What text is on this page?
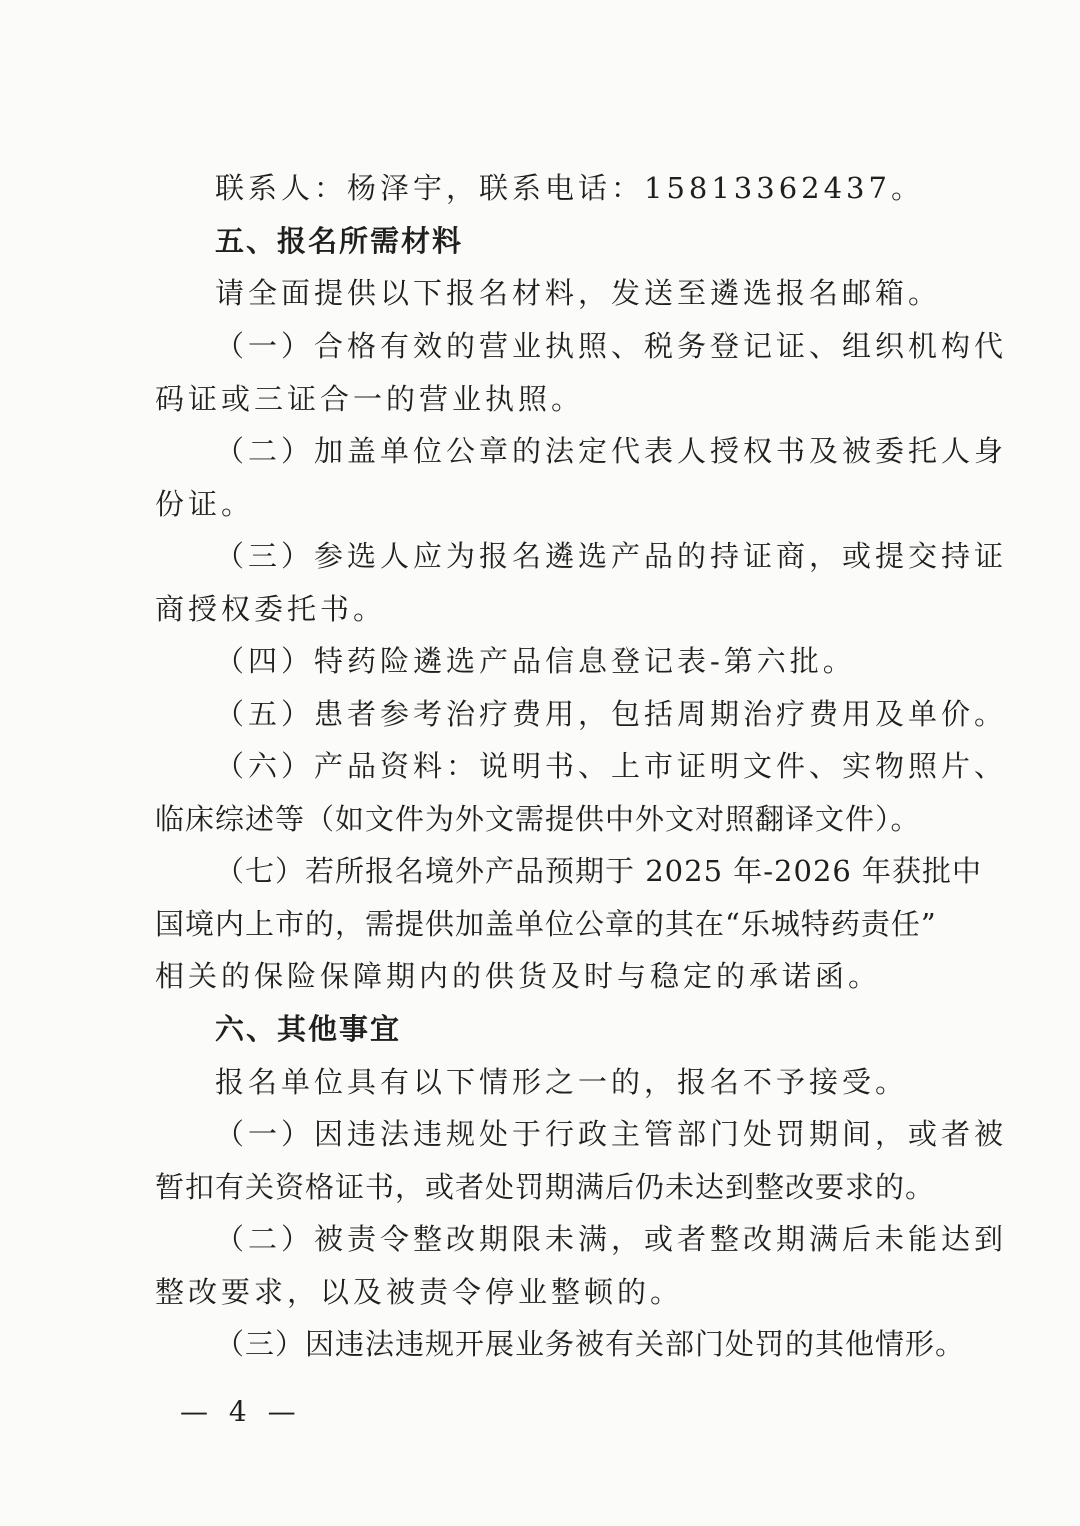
联系人：杨泽宇，联系电话：15813362437。
五、报名所需材料
请全面提供以下报名材料，发送至遴选报名邮箱。
（一）合格有效的营业执照、税务登记证、组织机构代
码证或三证合一的营业执照。
（二）加盖单位公章的法定代表人授权书及被委托人身
份证。
（三）参选人应为报名遴选产品的持证商，或提交持证
商授权委托书。
（四）特药险遴选产品信息登记表-第六批。
（五）患者参考治疗费用，包括周期治疗费用及单价。
（六）产品资料：说明书、上市证明文件、实物照片、
临床综述等（如文件为外文需提供中外文对照翻译文件）。
（七）若所报名境外产品预期于 2025 年-2026 年获批中
国境内上市的，需提供加盖单位公章的其在“乐城特药责任”
相关的保险保障期内的供货及时与稳定的承诺函。
六、其他事宜
报名单位具有以下情形之一的，报名不予接受。
（一）因违法违规处于行政主管部门处罚期间，或者被
暂扣有关资格证书，或者处罚期满后仍未达到整改要求的。
（二）被责令整改期限未满，或者整改期满后未能达到
整改要求，以及被责令停业整顿的。
（三）因违法违规开展业务被有关部门处罚的其他情形。
— 4 —
